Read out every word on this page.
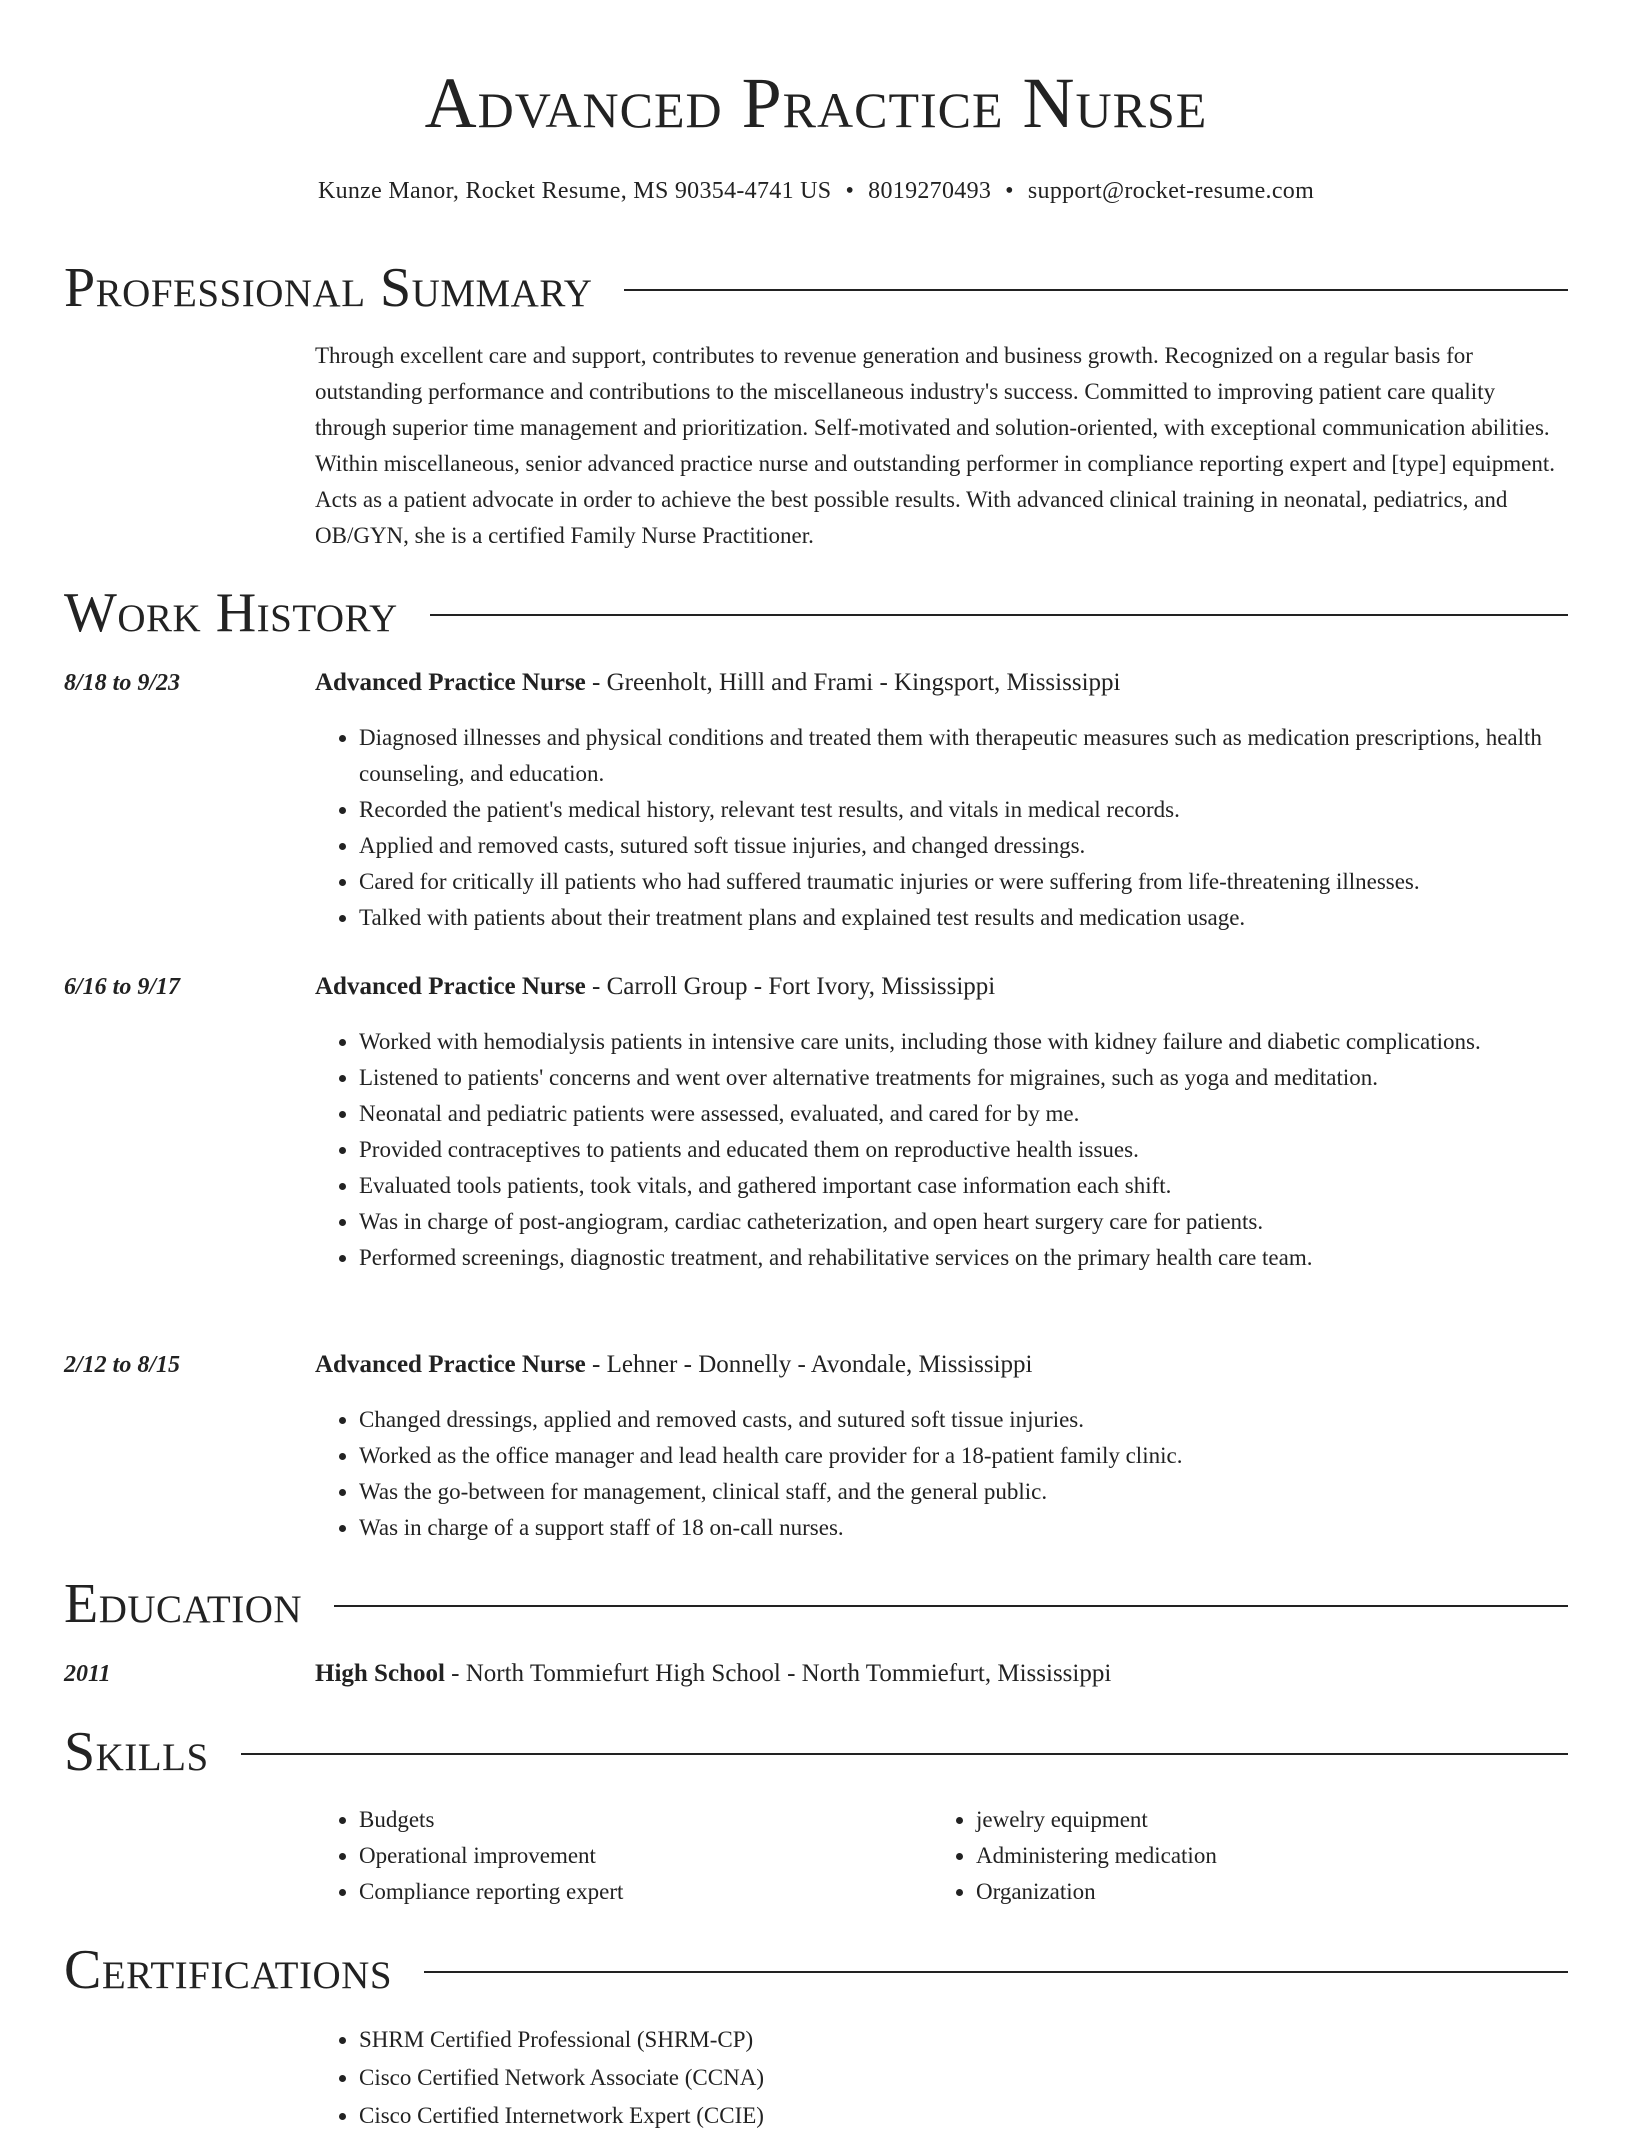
Advanced Practice Nurse
Kunze Manor, Rocket Resume, MS 90354-4741 US • 8019270493 • support@rocket-resume.com
Professional Summary

Through excellent care and support, contributes to revenue generation and business growth. Recognized on a regular basis for outstanding performance and contributions to the miscellaneous industry's success. Committed to improving patient care quality through superior time management and prioritization. Self-motivated and solution-oriented, with exceptional communication abilities. Within miscellaneous, senior advanced practice nurse and outstanding performer in compliance reporting expert and [type] equipment. Acts as a patient advocate in order to achieve the best possible results. With advanced clinical training in neonatal, pediatrics, and OB/GYN, she is a certified Family Nurse Practitioner.

Work History
8/18 to 9/23	Advanced Practice Nurse - Greenholt, Hilll and Frami - Kingsport, Mississippi
• Diagnosed illnesses and physical conditions and treated them with therapeutic measures such as medication prescriptions, health counseling, and education.
• Recorded the patient's medical history, relevant test results, and vitals in medical records.
• Applied and removed casts, sutured soft tissue injuries, and changed dressings.
• Cared for critically ill patients who had suffered traumatic injuries or were suffering from life-threatening illnesses.
• Talked with patients about their treatment plans and explained test results and medication usage.
6/16 to 9/17	Advanced Practice Nurse - Carroll Group - Fort Ivory, Mississippi
• Worked with hemodialysis patients in intensive care units, including those with kidney failure and diabetic complications.
• Listened to patients' concerns and went over alternative treatments for migraines, such as yoga and meditation.
• Neonatal and pediatric patients were assessed, evaluated, and cared for by me.
• Provided contraceptives to patients and educated them on reproductive health issues.
• Evaluated tools patients, took vitals, and gathered important case information each shift.
• Was in charge of post-angiogram, cardiac catheterization, and open heart surgery care for patients.
• Performed screenings, diagnostic treatment, and rehabilitative services on the primary health care team.
2/12 to 8/15	Advanced Practice Nurse - Lehner - Donnelly - Avondale, Mississippi
• Changed dressings, applied and removed casts, and sutured soft tissue injuries.
• Worked as the office manager and lead health care provider for a 18-patient family clinic.
• Was the go-between for management, clinical staff, and the general public.
• Was in charge of a support staff of 18 on-call nurses.
Education
2011	High School - North Tommiefurt High School - North Tommiefurt, Mississippi
Skills
• Budgets
• Operational improvement
• Compliance reporting expert
• jewelry equipment
• Administering medication
• Organization
Certifications
• SHRM Certified Professional (SHRM-CP)
• Cisco Certified Network Associate (CCNA)
• Cisco Certified Internetwork Expert (CCIE)
